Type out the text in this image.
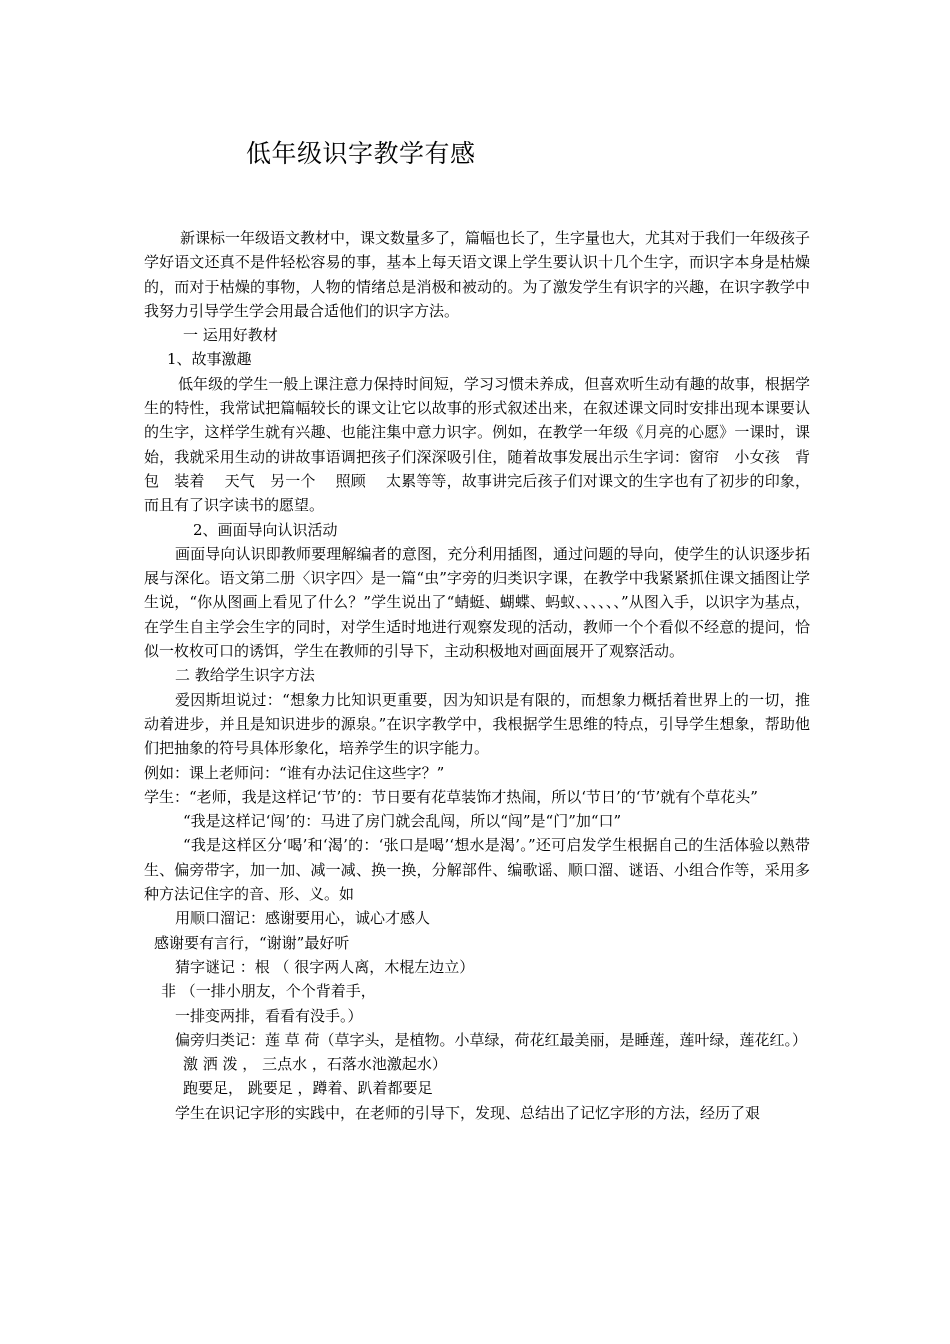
低年级识字教学有感

新课标一年级语文教材中，课文数量多了，篇幅也长了，生字量也大，尤其对于我们一年级孩子学好语文还真不是件轻松容易的事，基本上每天语文课上学生要认识十几个生字，而识字本身是枯燥的，而对于枯燥的事物，人物的情绪总是消极和被动的。为了激发学生有识字的兴趣，在识字教学中我努力引导学生学会用最合适他们的识字方法。

一 运用好教材

1、故事激趣

低年级的学生一般上课注意力保持时间短，学习习惯未养成，但喜欢听生动有趣的故事，根据学生的特性，我常试把篇幅较长的课文让它以故事的形式叙述出来，在叙述课文同时安排出现本课要认的生字，这样学生就有兴趣、也能注集中意力识字。例如，在教学一年级《月亮的心愿》一课时，课始，我就采用生动的讲故事语调把孩子们深深吸引住，随着故事发展出示生字词：窗帘　小女孩　背包　装着　 天气　另一个　 照顾　 太累等等，故事讲完后孩子们对课文的生字也有了初步的印象，而且有了识字读书的愿望。

2、画面导向认识活动

画面导向认识即教师要理解编者的意图，充分利用插图，通过问题的导向，使学生的认识逐步拓展与深化。语文第二册〈识字四〉是一篇“虫”字旁的归类识字课，在教学中我紧紧抓住课文插图让学生说，“你从图画上看见了什么？”学生说出了“蜻蜓、蝴蝶、蚂蚁、、、、、、”从图入手，以识字为基点，在学生自主学会生字的同时，对学生适时地进行观察发现的活动，教师一个个看似不经意的提问，恰似一枚枚可口的诱饵，学生在教师的引导下，主动积极地对画面展开了观察活动。

二 教给学生识字方法

爱因斯坦说过：“想象力比知识更重要，因为知识是有限的，而想象力概括着世界上的一切，推动着进步，并且是知识进步的源泉。”在识字教学中，我根据学生思维的特点，引导学生想象，帮助他们把抽象的符号具体形象化，培养学生的识字能力。

例如：课上老师问：“谁有办法记住这些字？”

学生：“老师，我是这样记‘节’的：节日要有花草装饰才热闹，所以‘节日’的‘节’就有个草花头”

“我是这样记‘闯’的：马进了房门就会乱闯，所以“闯”是“门”加“口”

“我是这样区分‘喝’和‘渴’的：‘张口是喝’‘想水是渴’。”还可启发学生根据自己的生活体验以熟带生、偏旁带字，加一加、减一减、换一换，分解部件、编歌谣、顺口溜、谜语、小组合作等，采用多种方法记住字的音、形、义。如

用顺口溜记：感谢要用心，诚心才感人

感谢要有言行，“谢谢”最好听

猜字谜记 ：根 （ 很字两人离，木棍左边立）

非 （一排小朋友，个个背着手，

一排变两排，看看有没手。）

偏旁归类记：莲 草 荷（草字头，是植物。小草绿，荷花红最美丽，是睡莲，莲叶绿，莲花红。）

激 洒 泼 ， 三点水 ，石落水池激起水）

跑要足， 跳要足 ，蹲着、趴着都要足

学生在识记字形的实践中，在老师的引导下，发现、总结出了记忆字形的方法，经历了艰
